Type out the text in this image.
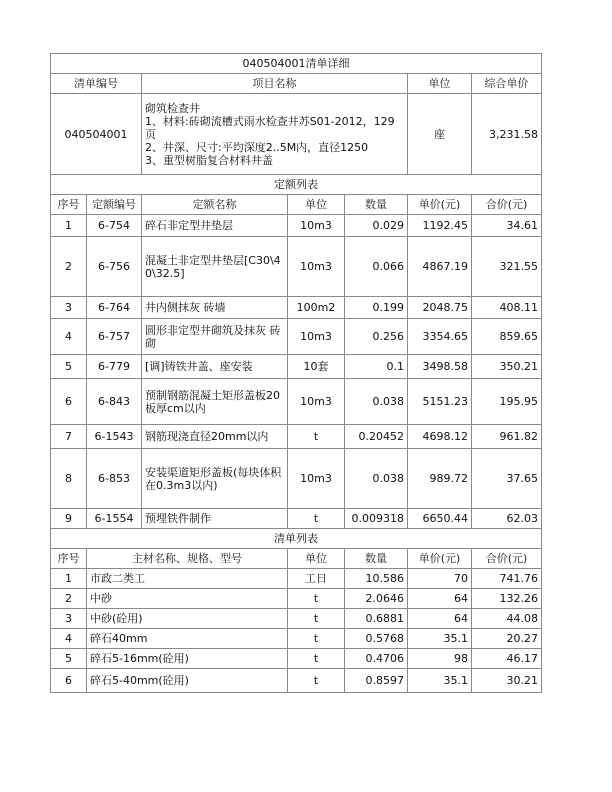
040504001清单详细						
清单编号		项目名称			单位	综合单价
040504001		砌筑检查井
1、材料:砖砌流槽式雨水检查井苏S01-2012，129页
2、井深、尺寸:平均深度2..5M内，直径1250
3、重型树脂复合材料井盖			座	3,231.58
定额列表						
序号	定额编号	定额名称	单位	数量	单价(元)	合价(元)
1	6-754	碎石非定型井垫层	10m3	0.029	1192.45	34.61
2	6-756	混凝土非定型井垫层[C30\40\32.5]	10m3	0.066	4867.19	321.55
3	6-764	井内侧抹灰 砖墙	100m2	0.199	2048.75	408.11
4	6-757	圆形非定型井砌筑及抹灰 砖砌	10m3	0.256	3354.65	859.65
5	6-779	[调]铸铁井盖、座安装	10套	0.1	3498.58	350.21
6	6-843	预制钢筋混凝土矩形盖板20板厚cm以内	10m3	0.038	5151.23	195.95
7	6-1543	钢筋现浇直径20mm以内	t	0.20452	4698.12	961.82
8	6-853	安装渠道矩形盖板(每块体积在0.3m3以内)	10m3	0.038	989.72	37.65
9	6-1554	预埋铁件制作	t	0.009318	6650.44	62.03
清单列表						
序号	主材名称、规格、型号		单位	数量	单价(元)	合价(元)
1	市政二类工		工日	10.586	70	741.76
2	中砂		t	2.0646	64	132.26
3	中砂(砼用)		t	0.6881	64	44.08
4	碎石40mm		t	0.5768	35.1	20.27
5	碎石5-16mm(砼用)		t	0.4706	98	46.17
6	碎石5-40mm(砼用)		t	0.8597	35.1	30.21
